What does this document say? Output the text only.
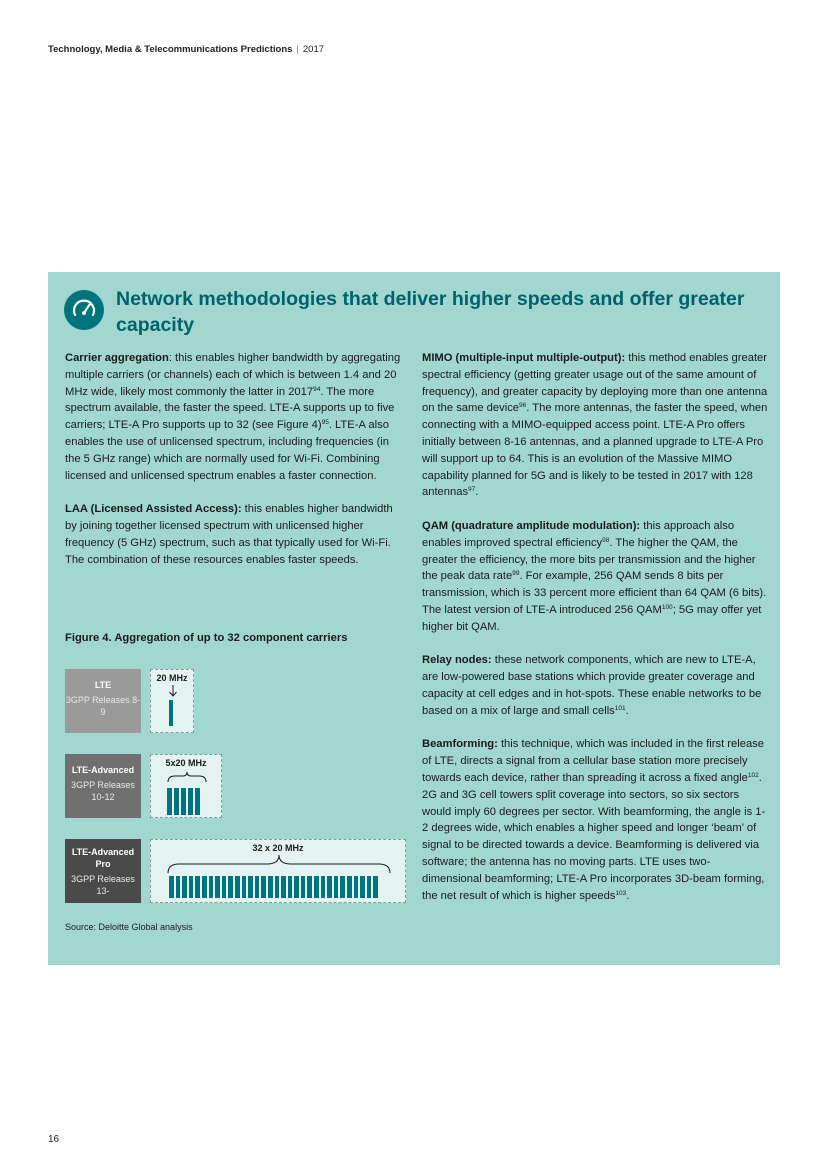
Technology, Media & Telecommunications Predictions | 2017
Network methodologies that deliver higher speeds and offer greater capacity

Carrier aggregation: this enables higher bandwidth by aggregating multiple carriers (or channels) each of which is between 1.4 and 20 MHz wide, likely most commonly the latter in 2017$^{94}$. The more spectrum available, the faster the speed. LTE-A supports up to five carriers; LTE-A Pro supports up to 32 (see Figure 4)$^{95}$. LTE-A also enables the use of unlicensed spectrum, including frequencies (in the 5 GHz range) which are normally used for Wi-Fi. Combining licensed and unlicensed spectrum enables a faster connection.

LAA (Licensed Assisted Access): this enables higher bandwidth by joining together licensed spectrum with unlicensed higher frequency (5 GHz) spectrum, such as that typically used for Wi-Fi. The combination of these resources enables faster speeds.

MIMO (multiple-input multiple-output): this method enables greater spectral efficiency (getting greater usage out of the same amount of frequency), and greater capacity by deploying more than one antenna on the same device$^{96}$. The more antennas, the faster the speed, when connecting with a MIMO-equipped access point. LTE-A Pro offers initially between 8-16 antennas, and a planned upgrade to LTE-A Pro will support up to 64. This is an evolution of the Massive MIMO capability planned for 5G and is likely to be tested in 2017 with 128 antennas$^{97}$.

QAM (quadrature amplitude modulation): this approach also enables improved spectral efficiency$^{98}$. The higher the QAM, the greater the efficiency, the more bits per transmission and the higher the peak data rate$^{99}$. For example, 256 QAM sends 8 bits per transmission, which is 33 percent more efficient than 64 QAM (6 bits). The latest version of LTE-A introduced 256 QAM$^{100}$; 5G may offer yet higher bit QAM.

Relay nodes: these network components, which are new to LTE-A, are low-powered base stations which provide greater coverage and capacity at cell edges and in hot-spots. These enable networks to be based on a mix of large and small cells$^{101}$.

Beamforming: this technique, which was included in the first release of LTE, directs a signal from a cellular base station more precisely towards each device, rather than spreading it across a fixed angle$^{102}$. 2G and 3G cell towers split coverage into sectors, so six sectors would imply 60 degrees per sector. With beamforming, the angle is 1-2 degrees wide, which enables a higher speed and longer ‘beam’ of signal to be directed towards a device. Beamforming is delivered via software; the antenna has no moving parts. LTE uses two-dimensional beamforming; LTE-A Pro incorporates 3D-beam forming, the net result of which is higher speeds$^{103}$.

Figure 4. Aggregation of up to 32 component carriers
LTE
3GPP Releases 8-9
20 MHz
LTE-Advanced
3GPP Releases 10-12
5x20 MHz
LTE-Advanced Pro
3GPP Releases 13-
32 x 20 MHz
Source: Deloitte Global analysis
16
